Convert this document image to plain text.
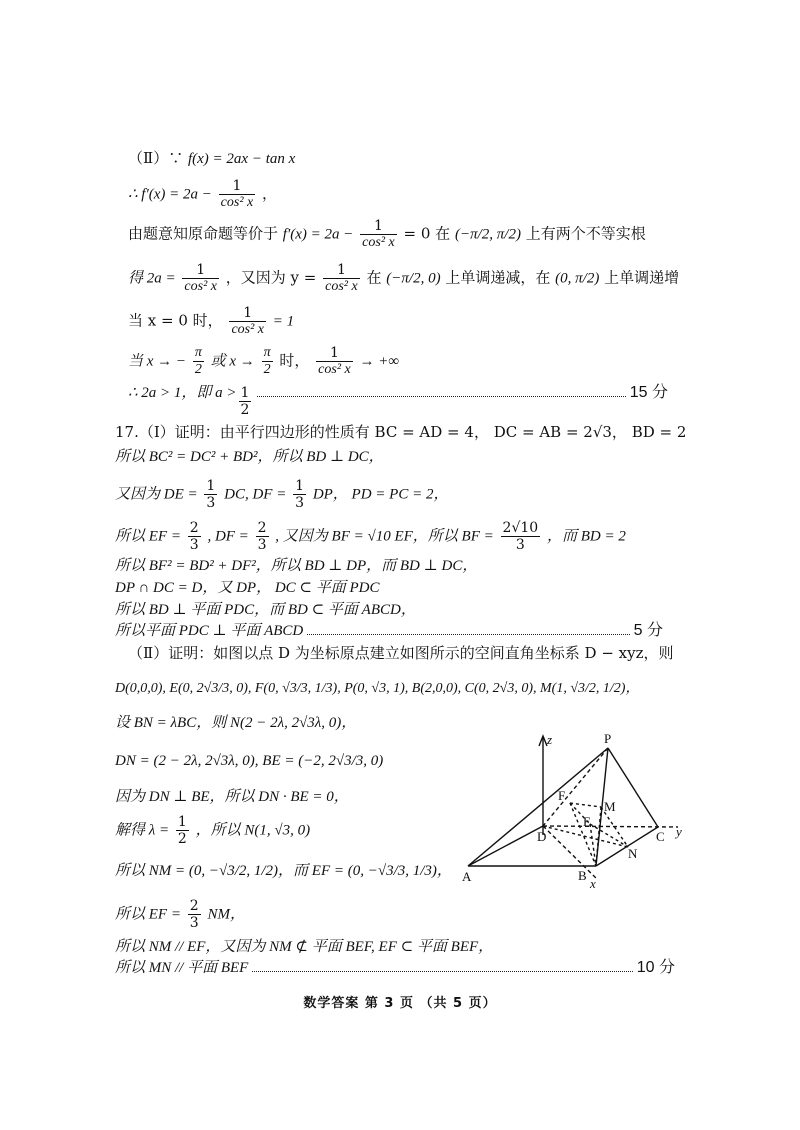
（Ⅱ）∵ f(x) = 2ax − tan x
∴ $f'(x) = 2a - \frac{1}{\text{cos² x}}$ ，
由题意知原命题等价于 $f'(x) = 2a - \frac{1}{\text{cos² x}} = 0$ 在 (−π/2, π/2) 上有两个不等实根
得 $2a = \frac{1}{\text{cos² x}}$ ，又因为 $y = \frac{1}{\text{cos² x}}$ 在 (−π/2, 0) 上单调递减，在 (0, π/2) 上单调递增
当 x = 0 时， $\frac{1}{\text{cos² x}} = 1$
当 x → − $\frac{\pi}{2}$ 或 $x \to \frac{\pi}{2}$ 时， $\frac{1}{\text{cos² x}}$ → +∞
∴ 2a > 1，即 $a > \frac{1}{2}$	15 分
17.（Ⅰ）证明：由平行四边形的性质有 BC = AD = 4， DC = AB = 2√3， BD = 2
所以 BC² = DC² + BD²，所以 BD ⊥ DC，
又因为 DE = $\frac{1}{3}$ DC, DF = $\frac{1}{3}$ DP， PD = PC = 2，
所以 EF = $\frac{2}{3}$ , DF = $\frac{2}{3}$ , 又因为 BF = √10 EF，所以 BF = $\frac{2√10}{3}$ ，而 BD = 2
所以 BF² = BD² + DF²，所以 BD ⊥ DP，而 BD ⊥ DC，
DP ∩ DC = D，又 DP， DC ⊂ 平面 PDC
所以 BD ⊥ 平面 PDC，而 BD ⊂ 平面 ABCD，
所以平面 PDC ⊥ 平面 ABCD	5 分
（Ⅱ）证明：如图以点 D 为坐标原点建立如图所示的空间直角坐标系 D − xyz，则
D(0,0,0), E(0, 2√3/3, 0), F(0, √3/3, 1/3), P(0, √3, 1), B(2,0,0), C(0, 2√3, 0), M(1, √3/2, 1/2)，
设 BN = λBC，则 N(2 − 2λ, 2√3λ, 0)，
DN = (2 − 2λ, 2√3λ, 0), BE = (−2, 2√3/3, 0)
因为 DN ⊥ BE，所以 DN · BE = 0，
解得 $\lambda = \frac{1}{2}$ ，所以 N(1, √3, 0)
所以 NM = (0, −√3/2, 1/2)，而 EF = (0, −√3/3, 1/3)，
所以 EF = $\frac{2}{3}$ NM，
所以 NM // EF，又因为 NM ⊄ 平面 BEF, EF ⊂ 平面 BEF，
所以 MN // 平面 BEF	10 分
z	P
F
M
E
D	C y
N
A	B
x
数学答案 第 3 页 （共 5 页）
